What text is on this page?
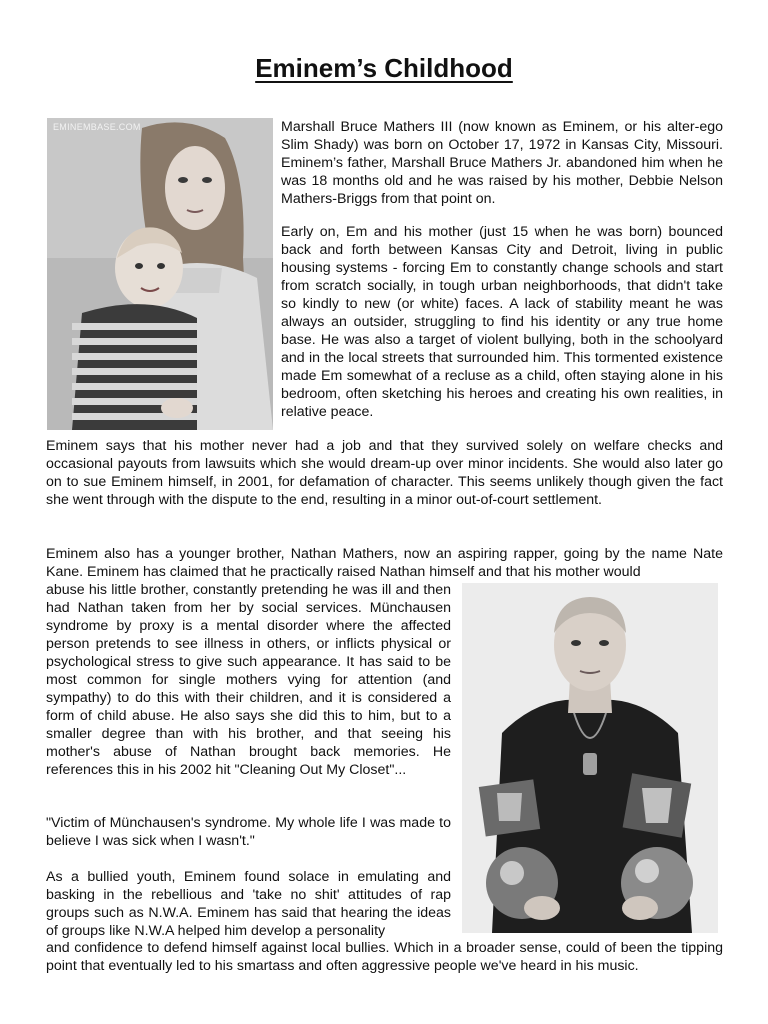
Eminem’s Childhood
EMINEMBASE.COM	Marshall Bruce Mathers III (now known as Eminem, or his alter-ego Slim Shady) was born on October 17, 1972 in Kansas City, Missouri. Eminem’s father, Marshall Bruce Mathers Jr. abandoned him when he was 18 months old and he was raised by his mother, Debbie Nelson Mathers-Briggs from that point on.

Early on, Em and his mother (just 15 when he was born) bounced back and forth between Kansas City and Detroit, living in public housing systems - forcing Em to constantly change schools and start from scratch socially, in tough urban neighborhoods, that didn't take so kindly to new (or white) faces. A lack of stability meant he was always an outsider, struggling to find his identity or any true home base. He was also a target of violent bullying, both in the schoolyard and in the local streets that surrounded him. This tormented existence made Em somewhat of a recluse as a child, often staying alone in his bedroom, often sketching his heroes and creating his own realities, in relative peace.

Eminem says that his mother never had a job and that they survived solely on welfare checks and occasional payouts from lawsuits which she would dream-up over minor incidents. She would also later go on to sue Eminem himself, in 2001, for defamation of character. This seems unlikely though given the fact she went through with the dispute to the end, resulting in a minor out-of-court settlement.

Eminem also has a younger brother, Nathan Mathers, now an aspiring rapper, going by the name Nate Kane. Eminem has claimed that he practically raised Nathan himself and that his mother would

abuse his little brother, constantly pretending he was ill and then had Nathan taken from her by social services. Münchausen syndrome by proxy is a mental disorder where the affected person pretends to see illness in others, or inflicts physical or psychological stress to give such appearance. It has said to be most common for single mothers vying for attention (and sympathy) to do this with their children, and it is considered a form of child abuse. He also says she did this to him, but to a smaller degree than with his brother, and that seeing his mother's abuse of Nathan brought back memories. He references this in his 2002 hit "Cleaning Out My Closet"...

"Victim of Münchausen's syndrome. My whole life I was made to believe I was sick when I wasn't."

As a bullied youth, Eminem found solace in emulating and basking in the rebellious and 'take no shit' attitudes of rap groups such as N.W.A. Eminem has said that hearing the ideas of groups like N.W.A helped him develop a personality

and confidence to defend himself against local bullies. Which in a broader sense, could of been the tipping point that eventually led to his smartass and often aggressive people we've heard in his music.
